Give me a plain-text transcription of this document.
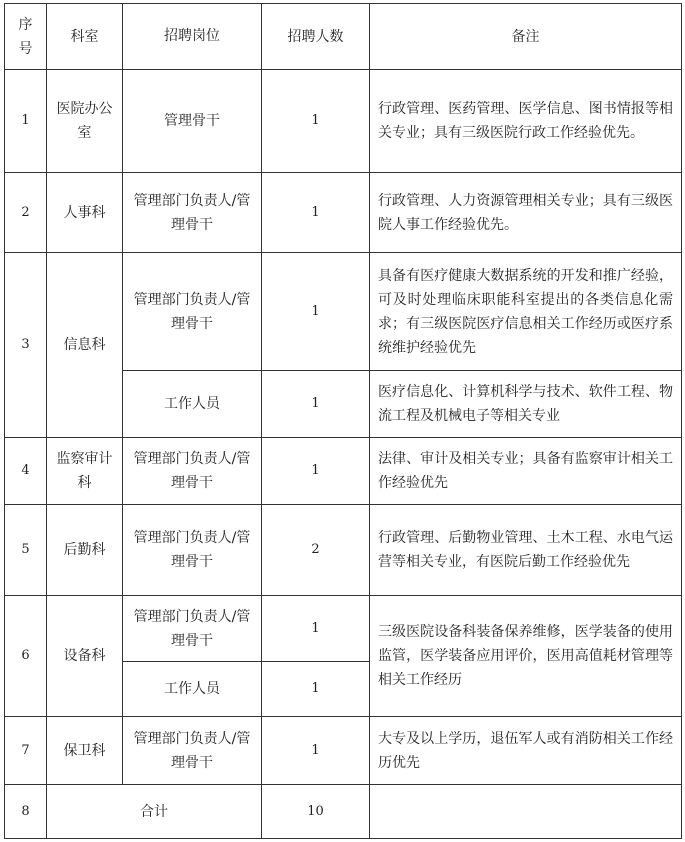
序号	科室	招聘岗位	招聘人数	备注
1	医院办公室	管理骨干	1	行政管理、医药管理、医学信息、图书情报等相关专业；具有三级医院行政工作经验优先。
2	人事科	管理部门负责人/管理骨干	1	行政管理、人力资源管理相关专业；具有三级医院人事工作经验优先。
3	信息科	管理部门负责人/管理骨干	1	具备有医疗健康大数据系统的开发和推广经验，可及时处理临床职能科室提出的各类信息化需求；有三级医院医疗信息相关工作经历或医疗系统维护经验优先
		工作人员	1	医疗信息化、计算机科学与技术、软件工程、物流工程及机械电子等相关专业
4	监察审计科	管理部门负责人/管理骨干	1	法律、审计及相关专业；具备有监察审计相关工作经验优先
5	后勤科	管理部门负责人/管理骨干	2	行政管理、后勤物业管理、土木工程、水电气运营等相关专业，有医院后勤工作经验优先
6	设备科	管理部门负责人/管理骨干	1	三级医院设备科装备保养维修，医学装备的使用监管，医学装备应用评价，医用高值耗材管理等相关工作经历
		工作人员	1	
7	保卫科	管理部门负责人/管理骨干	1	大专及以上学历，退伍军人或有消防相关工作经历优先
8	合计		10	
